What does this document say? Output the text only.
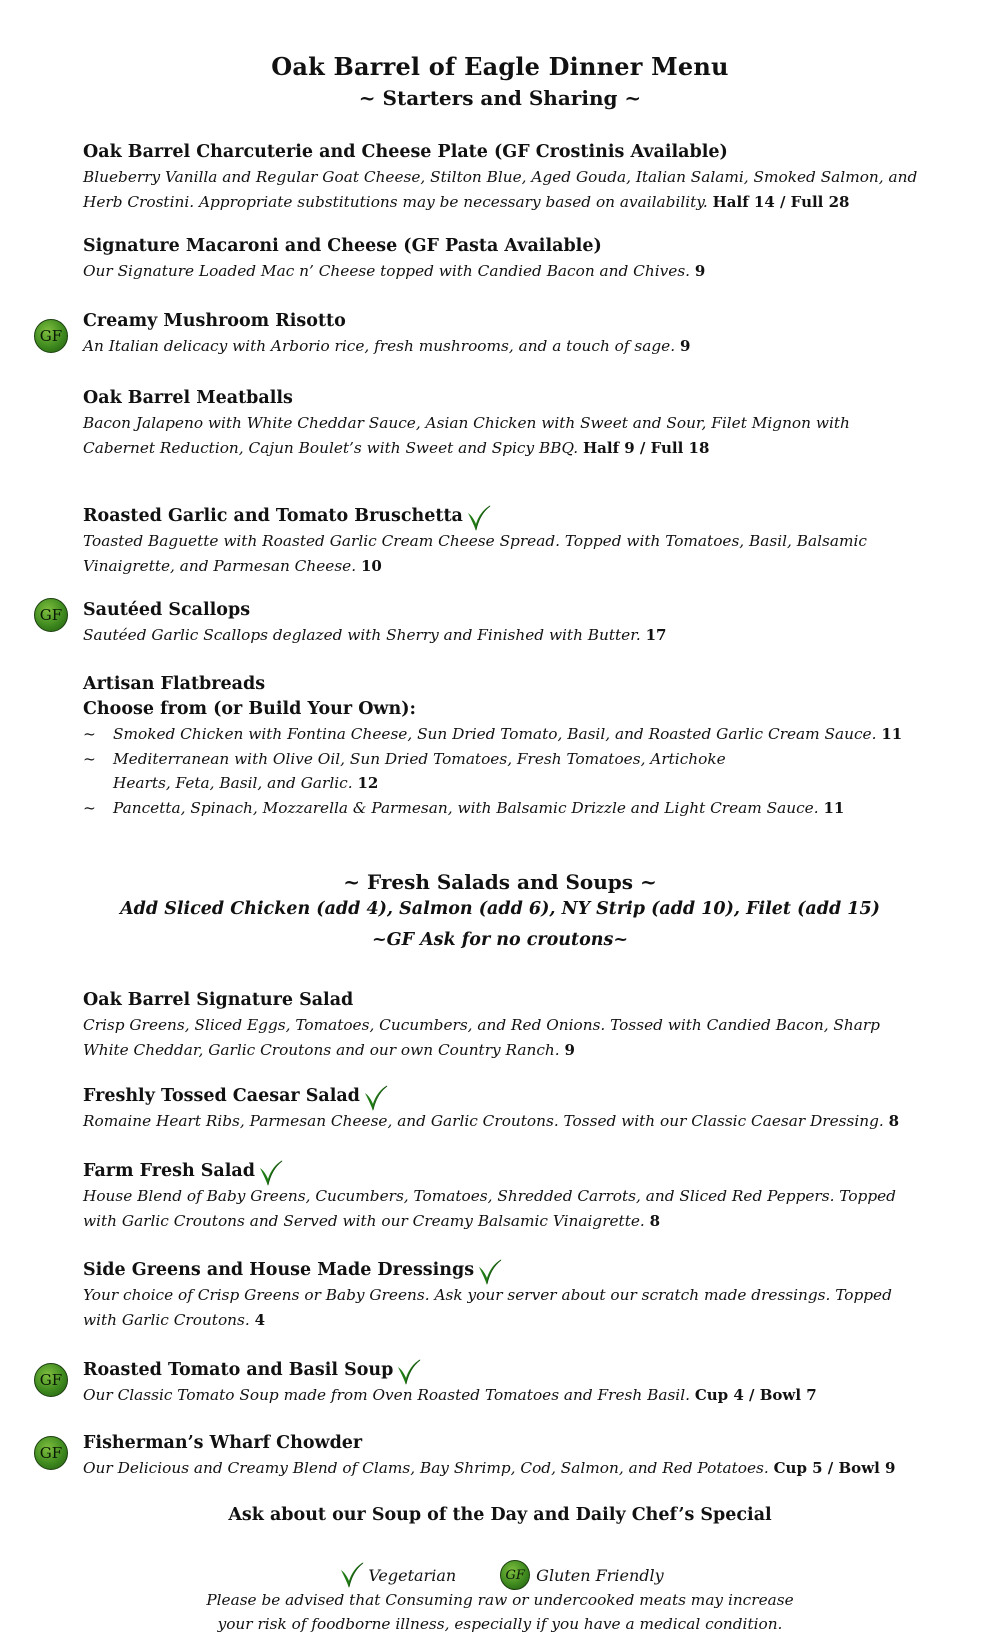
Oak Barrel of Eagle Dinner Menu
~ Starters and Sharing ~
Oak Barrel Charcuterie and Cheese Plate (GF Crostinis Available)
Blueberry Vanilla and Regular Goat Cheese, Stilton Blue, Aged Gouda, Italian Salami, Smoked Salmon, and Herb Crostini. Appropriate substitutions may be necessary based on availability. Half 14 / Full 28
Signature Macaroni and Cheese (GF Pasta Available)
Our Signature Loaded Mac n’ Cheese topped with Candied Bacon and Chives. 9
GF
Creamy Mushroom Risotto
An Italian delicacy with Arborio rice, fresh mushrooms, and a touch of sage. 9
Oak Barrel Meatballs
Bacon Jalapeno with White Cheddar Sauce, Asian Chicken with Sweet and Sour, Filet Mignon with Cabernet Reduction, Cajun Boulet’s with Sweet and Spicy BBQ. Half 9 / Full 18
Roasted Garlic and Tomato Bruschetta
Toasted Baguette with Roasted Garlic Cream Cheese Spread. Topped with Tomatoes, Basil, Balsamic Vinaigrette, and Parmesan Cheese. 10
GF	Sautéed Scallops
Sautéed Garlic Scallops deglazed with Sherry and Finished with Butter. 17
Artisan Flatbreads
Choose from (or Build Your Own):
~ Smoked Chicken with Fontina Cheese, Sun Dried Tomato, Basil, and Roasted Garlic Cream Sauce. 11
~ Mediterranean with Olive Oil, Sun Dried Tomatoes, Fresh Tomatoes, Artichoke Hearts, Feta, Basil, and Garlic. 12
~ Pancetta, Spinach, Mozzarella & Parmesan, with Balsamic Drizzle and Light Cream Sauce. 11
~ Fresh Salads and Soups ~
Add Sliced Chicken (add 4), Salmon (add 6), NY Strip (add 10), Filet (add 15)
~GF Ask for no croutons~
Oak Barrel Signature Salad
Crisp Greens, Sliced Eggs, Tomatoes, Cucumbers, and Red Onions. Tossed with Candied Bacon, Sharp White Cheddar, Garlic Croutons and our own Country Ranch. 9
Freshly Tossed Caesar Salad
Romaine Heart Ribs, Parmesan Cheese, and Garlic Croutons. Tossed with our Classic Caesar Dressing. 8
Farm Fresh Salad
House Blend of Baby Greens, Cucumbers, Tomatoes, Shredded Carrots, and Sliced Red Peppers. Topped with Garlic Croutons and Served with our Creamy Balsamic Vinaigrette. 8
Side Greens and House Made Dressings
Your choice of Crisp Greens or Baby Greens. Ask your server about our scratch made dressings. Topped with Garlic Croutons. 4
GF	Roasted Tomato and Basil Soup
Our Classic Tomato Soup made from Oven Roasted Tomatoes and Fresh Basil. Cup 4 / Bowl 7
GF	Fisherman’s Wharf Chowder
Our Delicious and Creamy Blend of Clams, Bay Shrimp, Cod, Salmon, and Red Potatoes. Cup 5 / Bowl 9
Ask about our Soup of the Day and Daily Chef’s Special
Vegetarian	GF Gluten Friendly
Please be advised that Consuming raw or undercooked meats may increase your risk of foodborne illness, especially if you have a medical condition.
